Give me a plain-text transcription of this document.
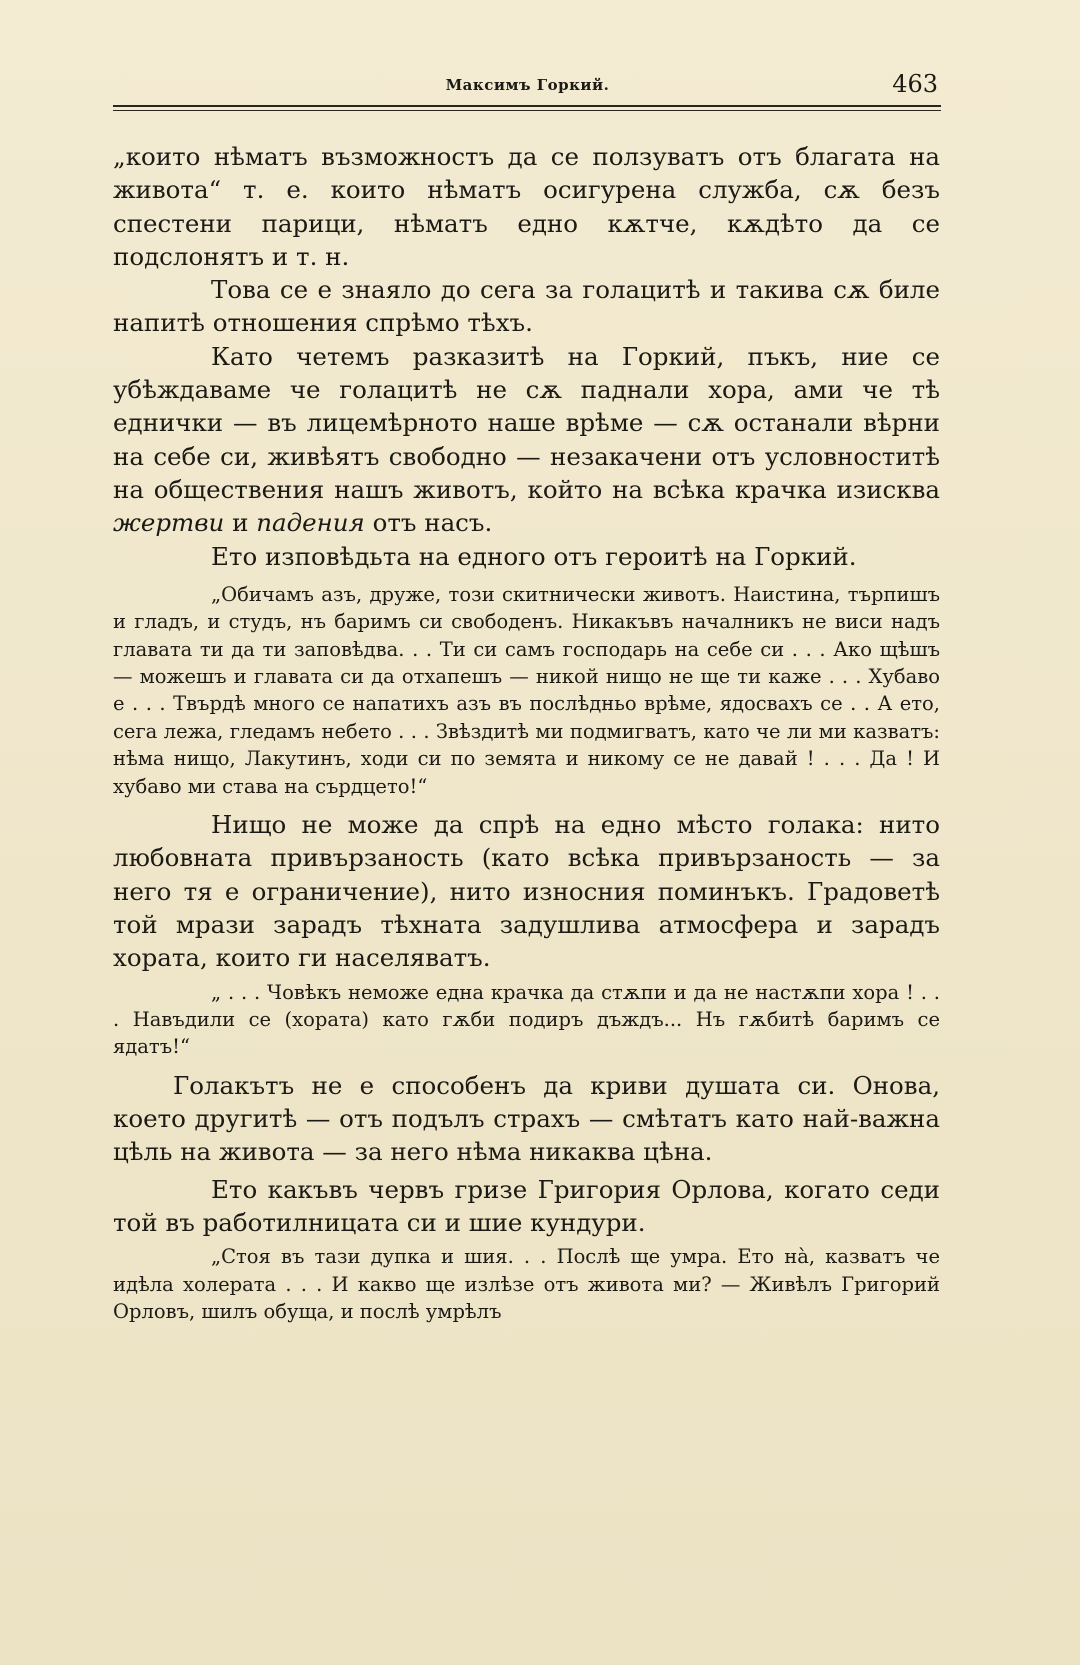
Максимъ Горкий.	463

„които нѣматъ възможностъ да се ползуватъ отъ благата на живота“ т. е. които нѣматъ осигурена служба, сѫ безъ спестени парици, нѣматъ едно кѫтче, кѫдѣто да се подслонятъ и т. н.

Това се е знаяло до сега за голацитѣ и такива сѫ биле напитѣ отношения спрѣмо тѣхъ.

Като четемъ разказитѣ на Горкий, пъкъ, ние се убѣждаваме че голацитѣ не сѫ паднали хора, ами че тѣ еднички — въ лицемѣрното наше врѣме — сѫ останали вѣрни на себе си, живѣятъ свободно — незакачени отъ условноститѣ на обществения нашъ животъ, който на всѣка крачка изисква жертви и падения отъ насъ.

Ето изповѣдьта на едного отъ героитѣ на Горкий.

„Обичамъ азъ, друже, този скитнически животъ. Наистина, търпишъ и гладъ, и студъ, нъ баримъ си свободенъ. Никакъвъ началникъ не виси надъ главата ти да ти заповѣдва. . . Ти си самъ господарь на себе си . . . Ако щѣшъ — можешъ и главата си да отхапешъ — никой нищо не ще ти каже . . . Хубаво е . . . Твърдѣ много се напатихъ азъ въ послѣдньо врѣме, ядосвахъ се . . А ето, сега лежа, гледамъ небето . . . Звѣздитѣ ми подмигватъ, като че ли ми казватъ: нѣма нищо, Лакутинъ, ходи си по земята и никому се не давай ! . . . Да ! И хубаво ми става на сърдцето!“

Нищо не може да спрѣ на едно мѣсто голака: нито любовната привързаность (като всѣка привързаность — за него тя е ограничение), нито износния поминъкъ. Градоветѣ той мрази зарадъ тѣхната задушлива атмосфера и зарадъ хората, които ги населяватъ.

„ . . . Човѣкъ неможе една крачка да стѫпи и да не настѫпи хора ! . . . Навъдили се (хората) като гѫби подиръ дъждъ... Нъ гѫбитѣ баримъ се ядатъ!“

Голакътъ не е способенъ да криви душата си. Онова, което другитѣ — отъ подълъ страхъ — смѣтатъ като най-важна цѣль на живота — за него нѣма никаква цѣна.

Ето какъвъ червъ гризе Григория Орлова, когато седи той въ работилницата си и шие кундури.

„Стоя въ тази дупка и шия. . . Послѣ ще умра. Ето нà, казватъ че идѣла холерата . . . И какво ще излѣзе отъ живота ми? — Живѣлъ Григорий Орловъ, шилъ обуща, и послѣ умрѣлъ
